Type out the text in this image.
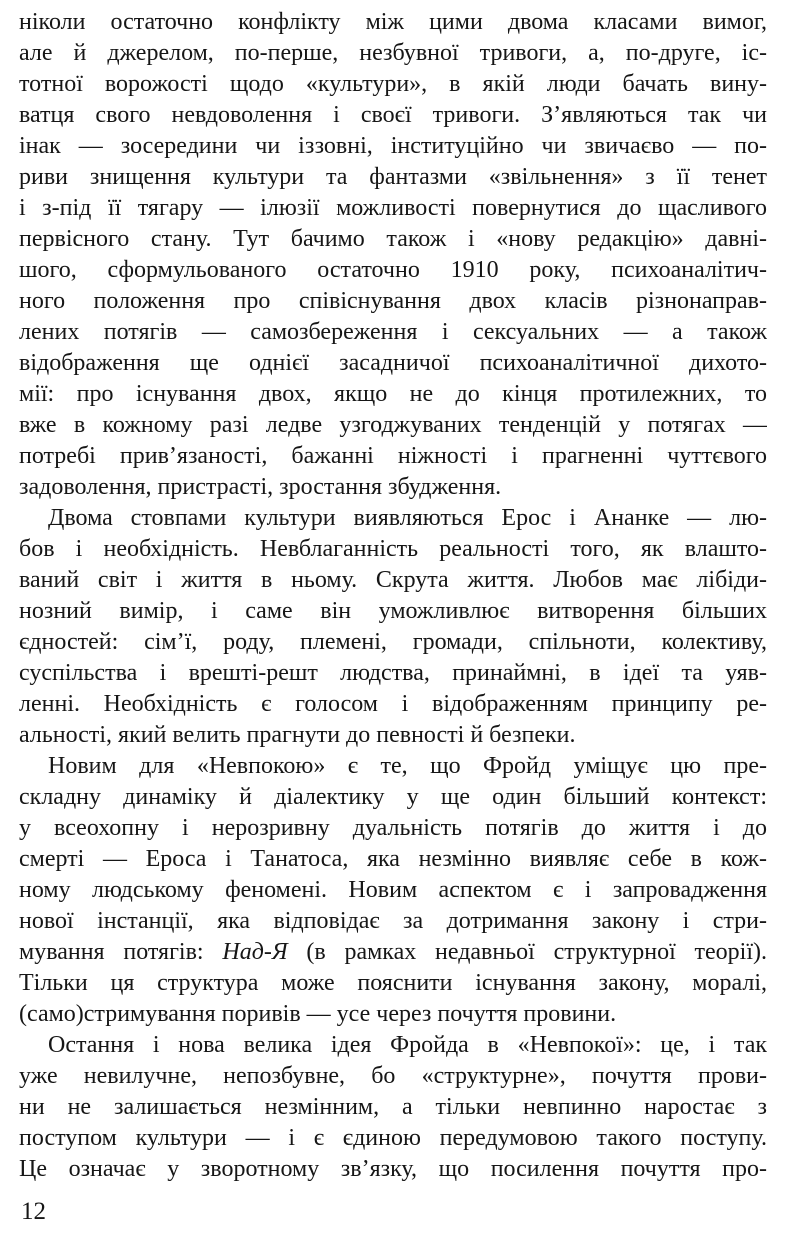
ніколи остаточно конфлікту між цими двома класами вимог,
але й джерелом, по-перше, незбувної тривоги, а, по-друге, іс-
тотної ворожості щодо «культури», в якій люди бачать вину-
ватця свого невдоволення і своєї тривоги. З’являються так чи
інак — зосередини чи іззовні, інституційно чи звичаєво — по-
риви знищення культури та фантазми «звільнення» з її тенет
і з-під її тягару — ілюзії можливості повернутися до щасливого
первісного стану. Тут бачимо також і «нову редакцію» давні-
шого, сформульованого остаточно 1910 року, психоаналітич-
ного положення про співіснування двох класів різнонаправ-
лених потягів — самозбереження і сексуальних — а також
відображення ще однієї засадничої психоаналітичної дихото-
мії: про існування двох, якщо не до кінця протилежних, то
вже в кожному разі ледве узгоджуваних тенденцій у потягах —
потребі прив’язаності, бажанні ніжності і прагненні чуттєвого
задоволення, пристрасті, зростання збудження.
Двома стовпами культури виявляються Ерос і Ананке — лю-
бов і необхідність. Невблаганність реальності того, як влашто-
ваний світ і життя в ньому. Скрута життя. Любов має лібіди-
нозний вимір, і саме він уможливлює витворення більших
єдностей: сім’ї, роду, племені, громади, спільноти, колективу,
суспільства і врешті-решт людства, принаймні, в ідеї та уяв-
ленні. Необхідність є голосом і відображенням принципу ре-
альності, який велить прагнути до певності й безпеки.
Новим для «Невпокою» є те, що Фройд уміщує цю пре-
складну динаміку й діалектику у ще один більший контекст:
у всеохопну і нерозривну дуальність потягів до життя і до
смерті — Ероса і Танатоса, яка незмінно виявляє себе в кож-
ному людському феномені. Новим аспектом є і запровадження
нової інстанції, яка відповідає за дотримання закону і стри-
мування потягів: Над-Я (в рамках недавньої структурної теорії).
Тільки ця структура може пояснити існування закону, моралі,
(само)стримування поривів — усе через почуття провини.
Остання і нова велика ідея Фройда в «Невпокої»: це, і так
уже невилучне, непозбувне, бо «структурне», почуття прови-
ни не залишається незмінним, а тільки невпинно наростає з
поступом культури — і є єдиною передумовою такого поступу.
Це означає у зворотному зв’язку, що посилення почуття про-
12
